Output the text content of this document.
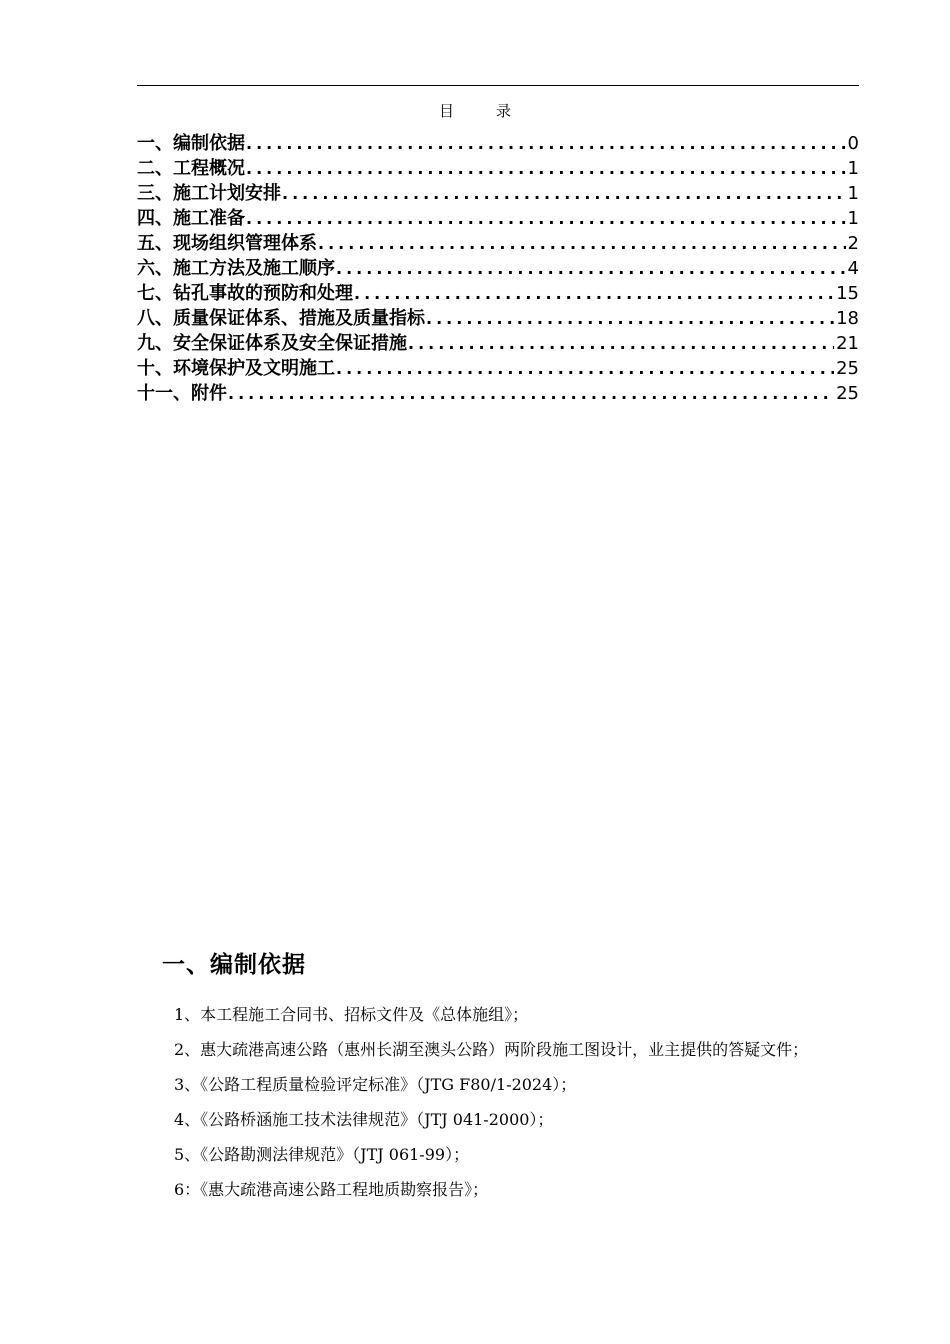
目录
一、编制依据 .....	0
二、工程概况 .....	1
三、施工计划安排 .....	1
四、施工准备 .....	1
五、现场组织管理体系 .....	2
六、施工方法及施工顺序 .....	4
七、钻孔事故的预防和处理 .....	15
八、质量保证体系、措施及质量指标 .....	18
九、安全保证体系及安全保证措施 .....	21
十、环境保护及文明施工 .....	25
十一、附件 .....	25
一、编制依据
1、本工程施工合同书、招标文件及《总体施组》；
2、惠大疏港高速公路（惠州长湖至澳头公路）两阶段施工图设计，业主提供的答疑文件；
3、《公路工程质量检验评定标准》（JTG F80/1-2024）；
4、《公路桥涵施工技术法律规范》（JTJ 041-2000）；
5、《公路勘测法律规范》（JTJ 061-99）；
6：《惠大疏港高速公路工程地质勘察报告》；
